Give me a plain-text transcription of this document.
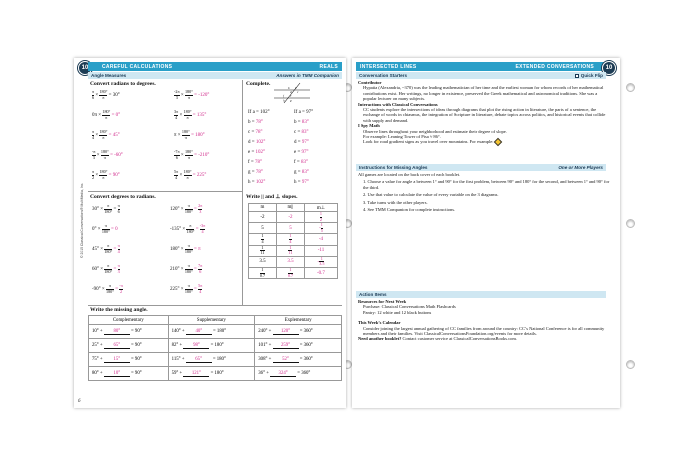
10	CAREFUL CALCULATIONS	REALS
Angle Measures	Answers in TMM Companion
Convert radians to degrees.
$\frac{\pi}{6} \times \frac{180^\circ}{\pi} = 30^\circ$
$0\pi \times \frac{180^\circ}{\pi} = 0^\circ$
$\frac{\pi}{4} \times \frac{180^\circ}{\pi} = 45^\circ$
$\frac{-\pi}{3} \times \frac{180^\circ}{\pi} = -60^\circ$
$\frac{\pi}{2} \times \frac{180^\circ}{\pi} = 90^\circ$
$\frac{-2\pi}{3} \times \frac{180^\circ}{\pi} = -120^\circ$
$\frac{3\pi}{4} \times \frac{180^\circ}{\pi} = 135^\circ$
$\pi \times \frac{180^\circ}{\pi} = 180^\circ$
$\frac{-7\pi}{6} \times \frac{180^\circ}{\pi} = -210^\circ$
$\frac{5\pi}{4} \times \frac{180^\circ}{\pi} = 225^\circ$
Convert degrees to radians.
$30^\circ \times \frac{\pi}{180^\circ} = \frac{\pi}{6}$
$0^\circ \times \frac{\pi}{180^\circ} = 0$
$45^\circ \times \frac{\pi}{180^\circ} = \frac{\pi}{4}$
$60^\circ \times \frac{\pi}{180^\circ} = \frac{\pi}{3}$
$-90^\circ \times \frac{\pi}{180^\circ} = \frac{-\pi}{2}$
$120^\circ \times \frac{\pi}{180^\circ} = \frac{2\pi}{3}$
$-135^\circ \times \frac{\pi}{180^\circ} = \frac{-3\pi}{4}$
$180^\circ \times \frac{\pi}{180^\circ} = \pi$
$210^\circ \times \frac{\pi}{180^\circ} = \frac{7\pi}{6}$
$225^\circ \times \frac{\pi}{180^\circ} = \frac{5\pi}{4}$
Complete.
a
b
c
d
e
f
g
h
If a = 102°
b = 78°
c = 78°
d = 102°
e = 102°
f = 78°
g = 78°
h = 102°
If a = 97°
b = 83°
c = 83°
d = 97°
e = 97°
f = 83°
g = 83°
h = 97°
Write || and ⊥ slopes.
m	m||	m⊥
-2	-2	$\frac{1}{2}$

5	5	- $\frac{1}{5}$

$\frac{1}{4}$	$\frac{1}{4}$	-4

$\frac{1}{11}$	$\frac{1}{11}$	-11
3.5	3.5	- $\frac{1}{3.5}$

$\frac{1}{0.7}$	$\frac{1}{0.7}$	-0.7
Write the missing angle.
Complementary	Supplementary	Explementary
10° + 80° = 90°	140° + 40° = 180°	240° + 120° = 360°
25° + 65° = 90°	82° + 98° = 180°	101° + 259° = 360°
75° + 15° = 90°	115° + 65° = 180°	308° + 52° = 360°
80° + 10° = 90°	59° + 121° = 180°	36° + 324° = 360°
© 2015 Classical Conversations® MultiMedia, Inc.
6
INTERSECTED LINES	EXTENDED CONVERSATIONS	10
Conversation Starters	Quick Flip
Contributor
Hypatia (Alexandria, ~370) was the leading mathematician of her time and the earliest woman for whom records of her mathematical contributions exist. Her writings, no longer in existence, preserved the Greek mathematical and astronomical traditions. She was a popular lecturer on many subjects.
Interactions with Classical Conversations
CC students explore the intersections of ideas through diagrams that plot the rising action in literature, the parts of a sentence, the exchange of words in chiasmus, the integration of Scripture in literature, debate topics across politics, and historical events that collide with supply and demand.
I Spy Math
Observe lines throughout your neighborhood and estimate their degree of slope.
For example: Leaning Tower of Pisa ≈ 86°.
Look for road gradient signs as you travel over mountains. For example:
Instructions for Missing Angles	One or More Players
All games are located on the back cover of each booklet.
1. Choose a value for angle a between 1° and 90° for the first problem, between 90° and 180° for the second, and between 1° and 90° for the third.
2. Use that value to calculate the value of every variable on the 3 diagrams.
3. Take turns with the other players.
4. See TMM Companion for complete instructions.
Action Items
Resources for Next Week
Purchase: Classical Conversations Math Flashcards
Pantry: 12 white and 12 black buttons
This Week’s Calendar
Consider joining the largest annual gathering of CC families from around the country: CC’s National Conference is for all community members and their families. Visit ClassicalConversationsFoundation.org/events for more details.
Need another booklet? Contact customer service at ClassicalConversationsBooks.com.
